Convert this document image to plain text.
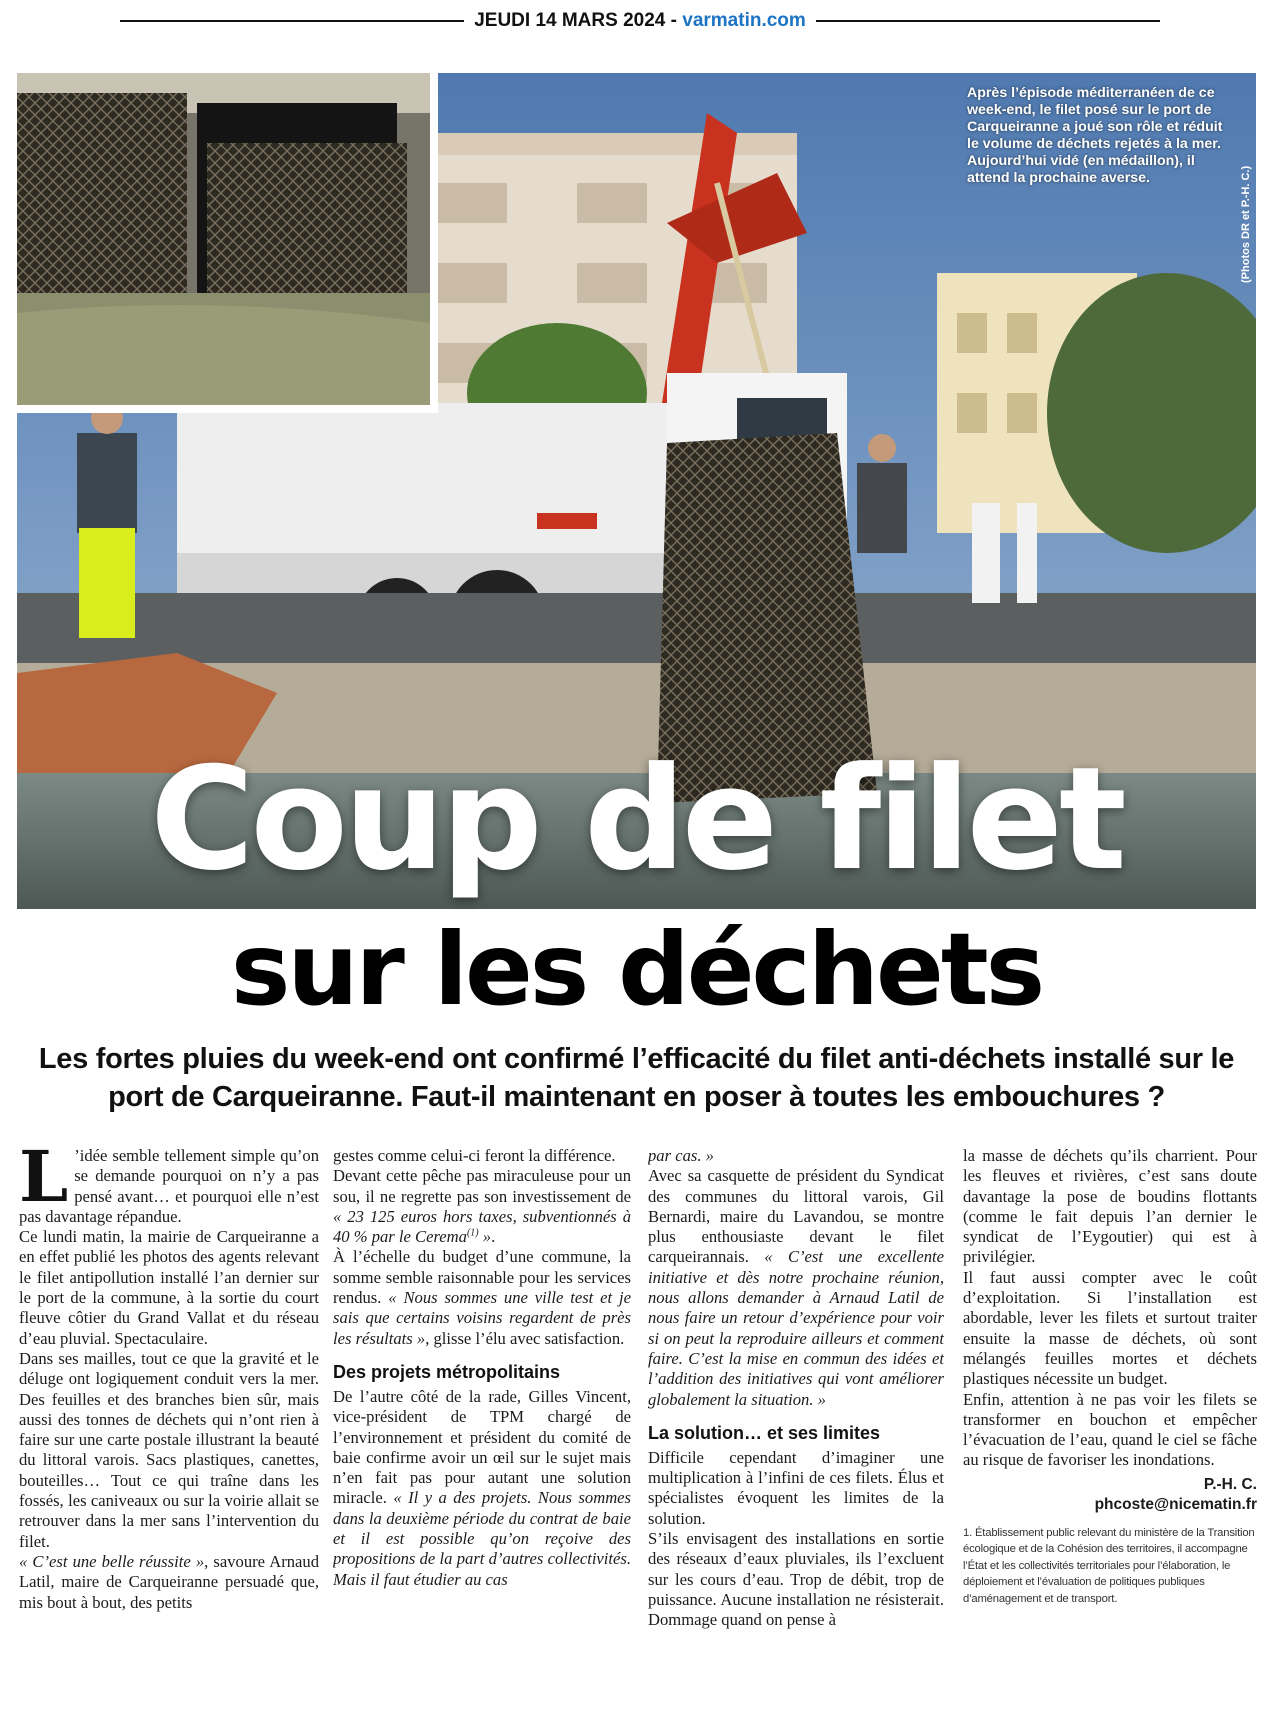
JEUDI 14 MARS 2024 - varmatin.com
Après l’épisode méditerranéen de ce week-end, le filet posé sur le port de Carqueiranne a joué son rôle et réduit le volume de déchets rejetés à la mer. Aujourd’hui vidé (en médaillon), il attend la prochaine averse.	(Photos DR et P.-H. C.)
Coup de filet
sur les déchets
Les fortes pluies du week-end ont confirmé l’efficacité du filet anti-déchets installé sur le port de Carqueiranne. Faut-il maintenant en poser à toutes les embouchures ?

L ’idée semble tellement simple qu’on se demande pourquoi on n’y a pas pensé avant… et pourquoi elle n’est pas davantage répandue.

Ce lundi matin, la mairie de Carqueiranne a en effet publié les photos des agents relevant le filet antipollution installé l’an dernier sur le port de la commune, à la sortie du court fleuve côtier du Grand Vallat et du réseau d’eau pluvial. Spectaculaire.

Dans ses mailles, tout ce que la gravité et le déluge ont logiquement conduit vers la mer. Des feuilles et des branches bien sûr, mais aussi des tonnes de déchets qui n’ont rien à faire sur une carte postale illustrant la beauté du littoral varois. Sacs plastiques, canettes, bouteilles… Tout ce qui traîne dans les fossés, les caniveaux ou sur la voirie allait se retrouver dans la mer sans l’intervention du filet.

« C’est une belle réussite », savoure Arnaud Latil, maire de Carqueiranne persuadé que, mis bout à bout, des petits

gestes comme celui-ci feront la différence.

Devant cette pêche pas miraculeuse pour un sou, il ne regrette pas son investissement de « 23 125 euros hors taxes, subventionnés à 40 % par le Cerema$^{(1)}$ ».

À l’échelle du budget d’une commune, la somme semble raisonnable pour les services rendus. « Nous sommes une ville test et je sais que certains voisins regardent de près les résultats », glisse l’élu avec satisfaction.

Des projets métropolitains

De l’autre côté de la rade, Gilles Vincent, vice-président de TPM chargé de l’environnement et président du comité de baie confirme avoir un œil sur le sujet mais n’en fait pas pour autant une solution miracle. « Il y a des projets. Nous sommes dans la deuxième période du contrat de baie et il est possible qu’on reçoive des propositions de la part d’autres collectivités. Mais il faut étudier au cas

par cas. »

Avec sa casquette de président du Syndicat des communes du littoral varois, Gil Bernardi, maire du Lavandou, se montre plus enthousiaste devant le filet carqueirannais. « C’est une excellente initiative et dès notre prochaine réunion, nous allons demander à Arnaud Latil de nous faire un retour d’expérience pour voir si on peut la reproduire ailleurs et comment faire. C’est la mise en commun des idées et l’addition des initiatives qui vont améliorer globalement la situation. »

La solution… et ses limites

Difficile cependant d’imaginer une multiplication à l’infini de ces filets. Élus et spécialistes évoquent les limites de la solution.

S’ils envisagent des installations en sortie des réseaux d’eaux pluviales, ils l’excluent sur les cours d’eau. Trop de débit, trop de puissance. Aucune installation ne résisterait. Dommage quand on pense à

la masse de déchets qu’ils charrient. Pour les fleuves et rivières, c’est sans doute davantage la pose de boudins flottants (comme le fait depuis l’an dernier le syndicat de l’Eygoutier) qui est à privilégier.

Il faut aussi compter avec le coût d’exploitation. Si l’installation est abordable, lever les filets et surtout traiter ensuite la masse de déchets, où sont mélangés feuilles mortes et déchets plastiques nécessite un budget.

Enfin, attention à ne pas voir les filets se transformer en bouchon et empêcher l’évacuation de l’eau, quand le ciel se fâche au risque de favoriser les inondations.

P.-H. C.

phcoste@nicematin.fr

1. Établissement public relevant du ministère de la Transition écologique et de la Cohésion des territoires, il accompagne l’État et les collectivités territoriales pour l’élaboration, le déploiement et l’évaluation de politiques publiques d’aménagement et de transport.
